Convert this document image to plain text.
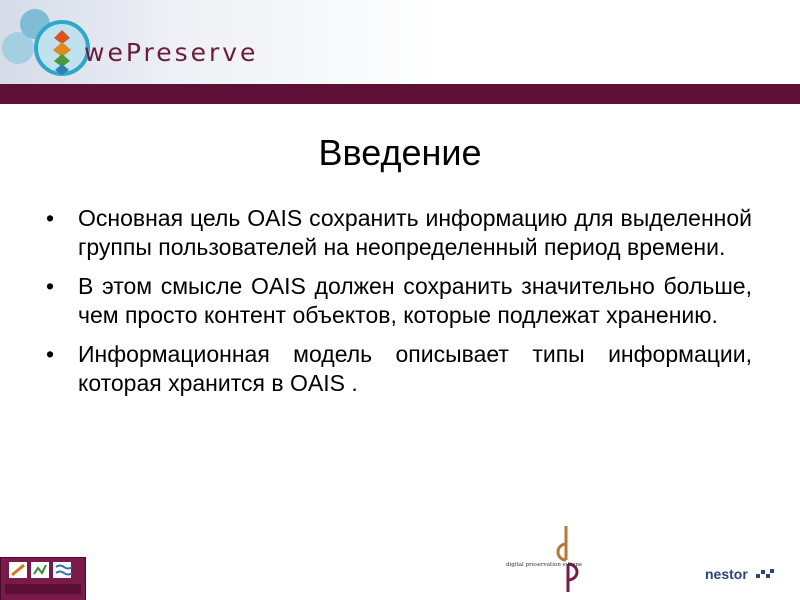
wePreserve
Введение
• Основная цель OAIS сохранить информацию для выделенной группы пользователей на неопределенный период времени.
• В этом смысле OAIS должен сохранить значительно больше, чем просто контент объектов, которые подлежат хранению.
• Информационная модель описывает типы информации, которая хранится в OAIS .
digital preservation europe
nestor
